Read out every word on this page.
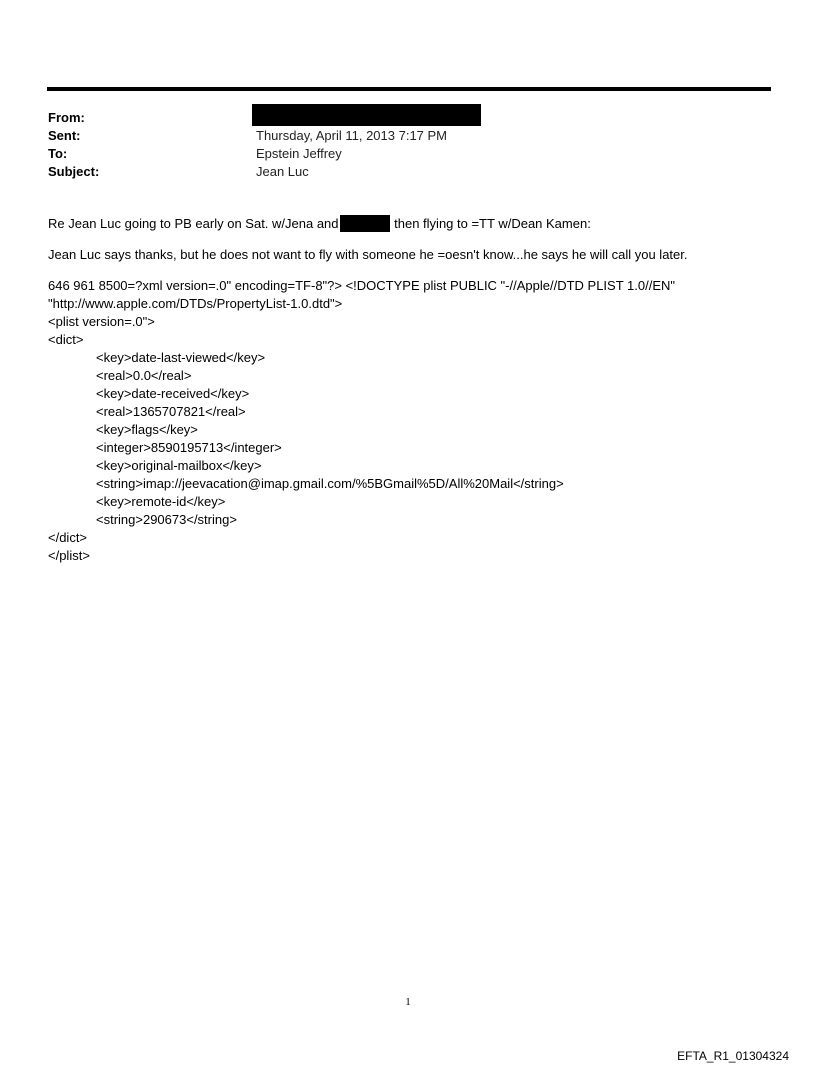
From:
Sent:	Thursday, April 11, 2013 7:17 PM
To:	Epstein Jeffrey
Subject:	Jean Luc
Re Jean Luc going to PB early on Sat. w/Jena and	then flying to =TT w/Dean Kamen:
Jean Luc says thanks, but he does not want to fly with someone he =oesn't know...he says he will call you later.
646 961 8500=?xml version=.0" encoding=TF-8"?> <!DOCTYPE plist PUBLIC "-//Apple//DTD PLIST 1.0//EN"
"http://www.apple.com/DTDs/PropertyList-1.0.dtd">
<plist version=.0">
<dict>
<key>date-last-viewed</key>
<real>0.0</real>
<key>date-received</key>
<real>1365707821</real>
<key>flags</key>
<integer>8590195713</integer>
<key>original-mailbox</key>
<string>imap://jeevacation@imap.gmail.com/%5BGmail%5D/All%20Mail</string>
<key>remote-id</key>
<string>290673</string>
</dict>
</plist>
1
EFTA_R1_01304324
